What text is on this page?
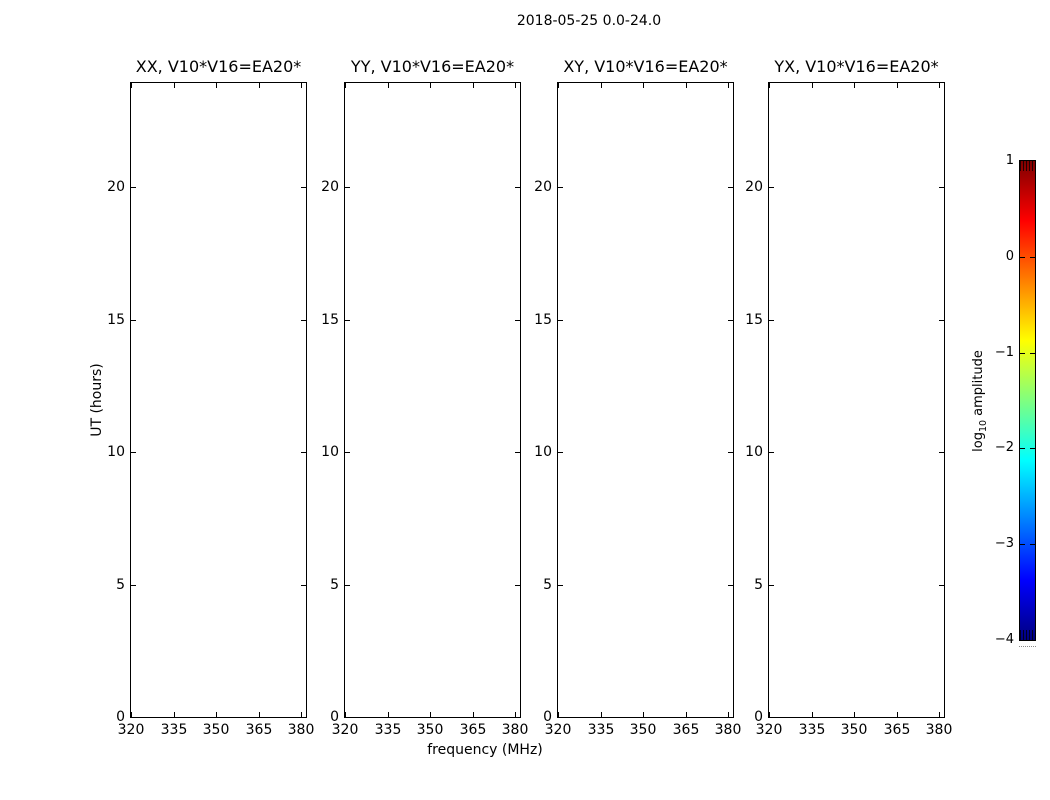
2018-05-25 0.0-24.0
XX, V10*V16=EA20*
320	335	350	365	380
0
5
10
15
20
YY, V10*V16=EA20*
320	335	350	365	380
0
5
10
15
20
XY, V10*V16=EA20*
320	335	350	365	380
0
5
10
15
20
YX, V10*V16=EA20*
320	335	350	365	380
0
5
10
15
20
frequency (MHz)
UT (hours)
1
0
−1
−2
−3
−4
$\log_{10}$ amplitude
